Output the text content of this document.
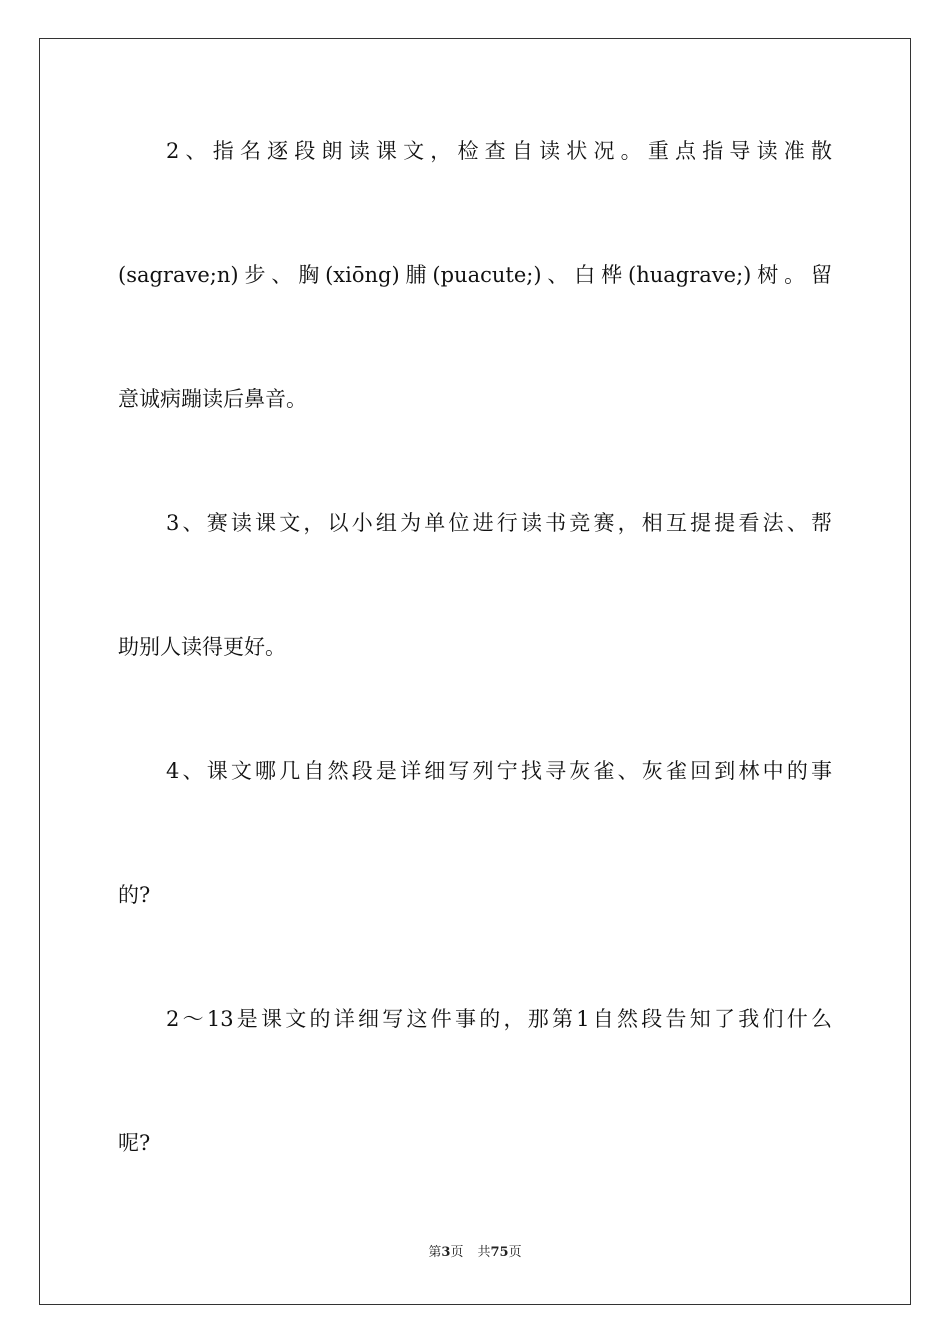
2、指名逐段朗读课文，检查自读状况。重点指导读准散
(sagrave;n)步、胸(xiōng)脯(puacute;)、白桦(huagrave;)树。留
意诚病蹦读后鼻音。
3、赛读课文，以小组为单位进行读书竞赛，相互提提看法、帮
助别人读得更好。
4、课文哪几自然段是详细写列宁找寻灰雀、灰雀回到林中的事
的?
2～13是课文的详细写这件事的，那第1自然段告知了我们什么
呢?
第3页 共75页
